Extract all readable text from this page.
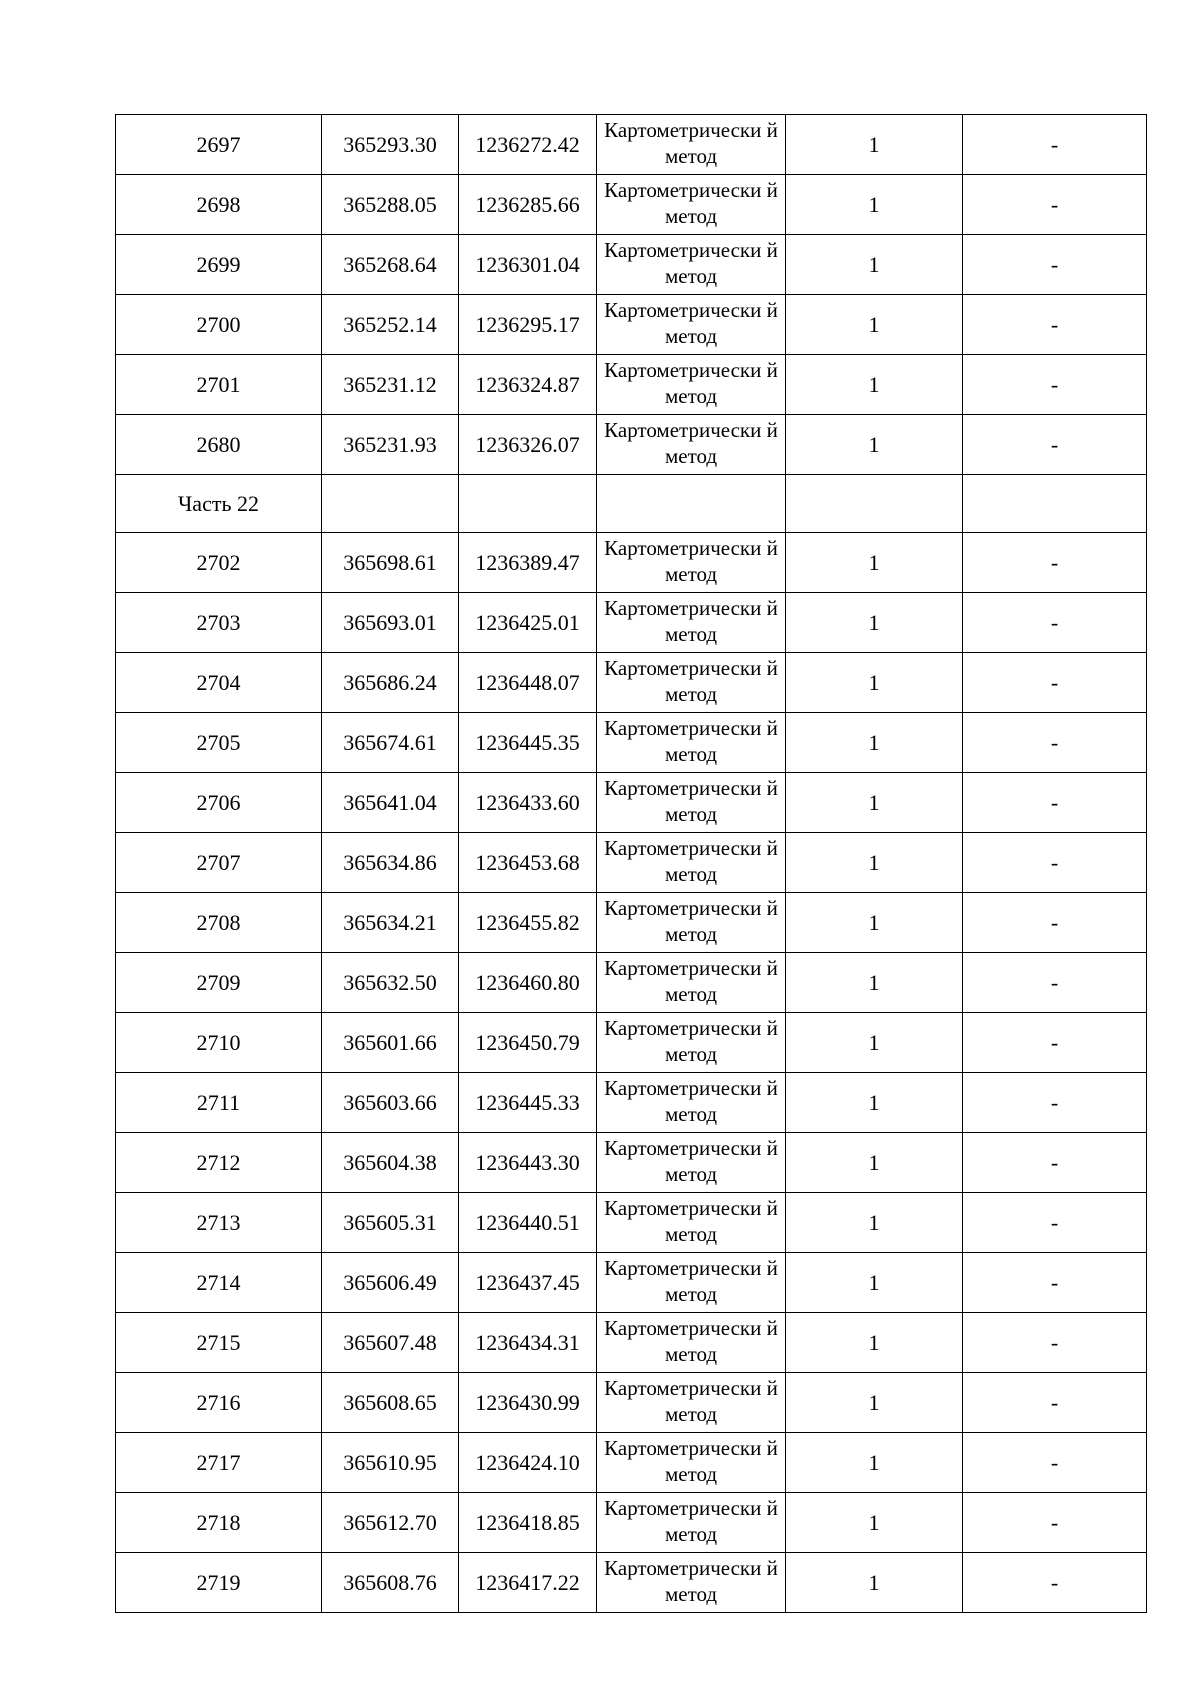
2697	365293.30	1236272.42	Картометрически й метод	1	-
2698	365288.05	1236285.66	Картометрически й метод	1	-
2699	365268.64	1236301.04	Картометрически й метод	1	-
2700	365252.14	1236295.17	Картометрически й метод	1	-
2701	365231.12	1236324.87	Картометрически й метод	1	-
2680	365231.93	1236326.07	Картометрически й метод	1	-
Часть 22					
2702	365698.61	1236389.47	Картометрически й метод	1	-
2703	365693.01	1236425.01	Картометрически й метод	1	-
2704	365686.24	1236448.07	Картометрически й метод	1	-
2705	365674.61	1236445.35	Картометрически й метод	1	-
2706	365641.04	1236433.60	Картометрически й метод	1	-
2707	365634.86	1236453.68	Картометрически й метод	1	-
2708	365634.21	1236455.82	Картометрически й метод	1	-
2709	365632.50	1236460.80	Картометрически й метод	1	-
2710	365601.66	1236450.79	Картометрически й метод	1	-
2711	365603.66	1236445.33	Картометрически й метод	1	-
2712	365604.38	1236443.30	Картометрически й метод	1	-
2713	365605.31	1236440.51	Картометрически й метод	1	-
2714	365606.49	1236437.45	Картометрически й метод	1	-
2715	365607.48	1236434.31	Картометрически й метод	1	-
2716	365608.65	1236430.99	Картометрически й метод	1	-
2717	365610.95	1236424.10	Картометрически й метод	1	-
2718	365612.70	1236418.85	Картометрически й метод	1	-
2719	365608.76	1236417.22	Картометрически й метод	1	-
